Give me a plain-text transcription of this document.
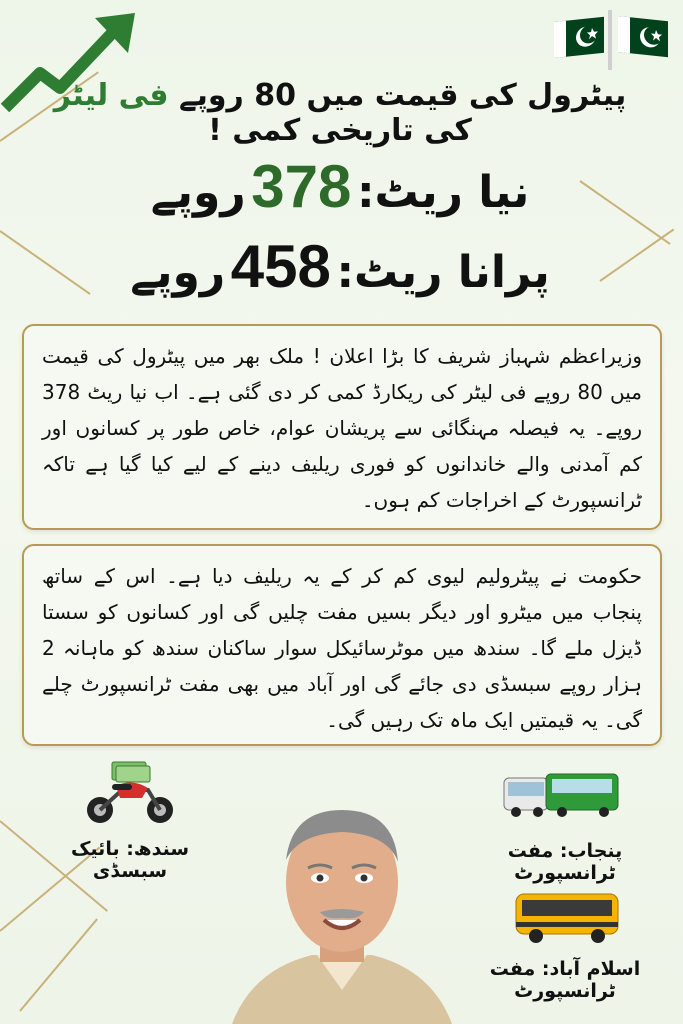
پیٹرول کی قیمت میں 80 روپے فی لیٹر کی تاریخی کمی !
نیا ریٹ: 378 روپے
پرانا ریٹ: 458 روپے
وزیراعظم شہباز شریف کا بڑا اعلان ! ملک بھر میں پیٹرول کی قیمت میں 80 روپے فی لیٹر کی ریکارڈ کمی کر دی گئی ہے۔ اب نیا ریٹ 378 روپے۔ یہ فیصلہ مہنگائی سے پریشان عوام، خاص طور پر کسانوں اور کم آمدنی والے خاندانوں کو فوری ریلیف دینے کے لیے کیا گیا ہے تاکہ ٹرانسپورٹ کے اخراجات کم ہوں۔
حکومت نے پیٹرولیم لیوی کم کر کے یہ ریلیف دیا ہے۔ اس کے ساتھ پنجاب میں میٹرو اور دیگر بسیں مفت چلیں گی اور کسانوں کو سستا ڈیزل ملے گا۔ سندھ میں موٹرسائیکل سوار ساکنان سندھ کو ماہانہ 2 ہزار روپے سبسڈی دی جائے گی اور آباد میں بھی مفت ٹرانسپورٹ چلے گی۔ یہ قیمتیں ایک ماہ تک رہیں گی۔
سندھ: بائیک سبسڈی
پنجاب: مفت ٹرانسپورٹ
اسلام آباد: مفت ٹرانسپورٹ
